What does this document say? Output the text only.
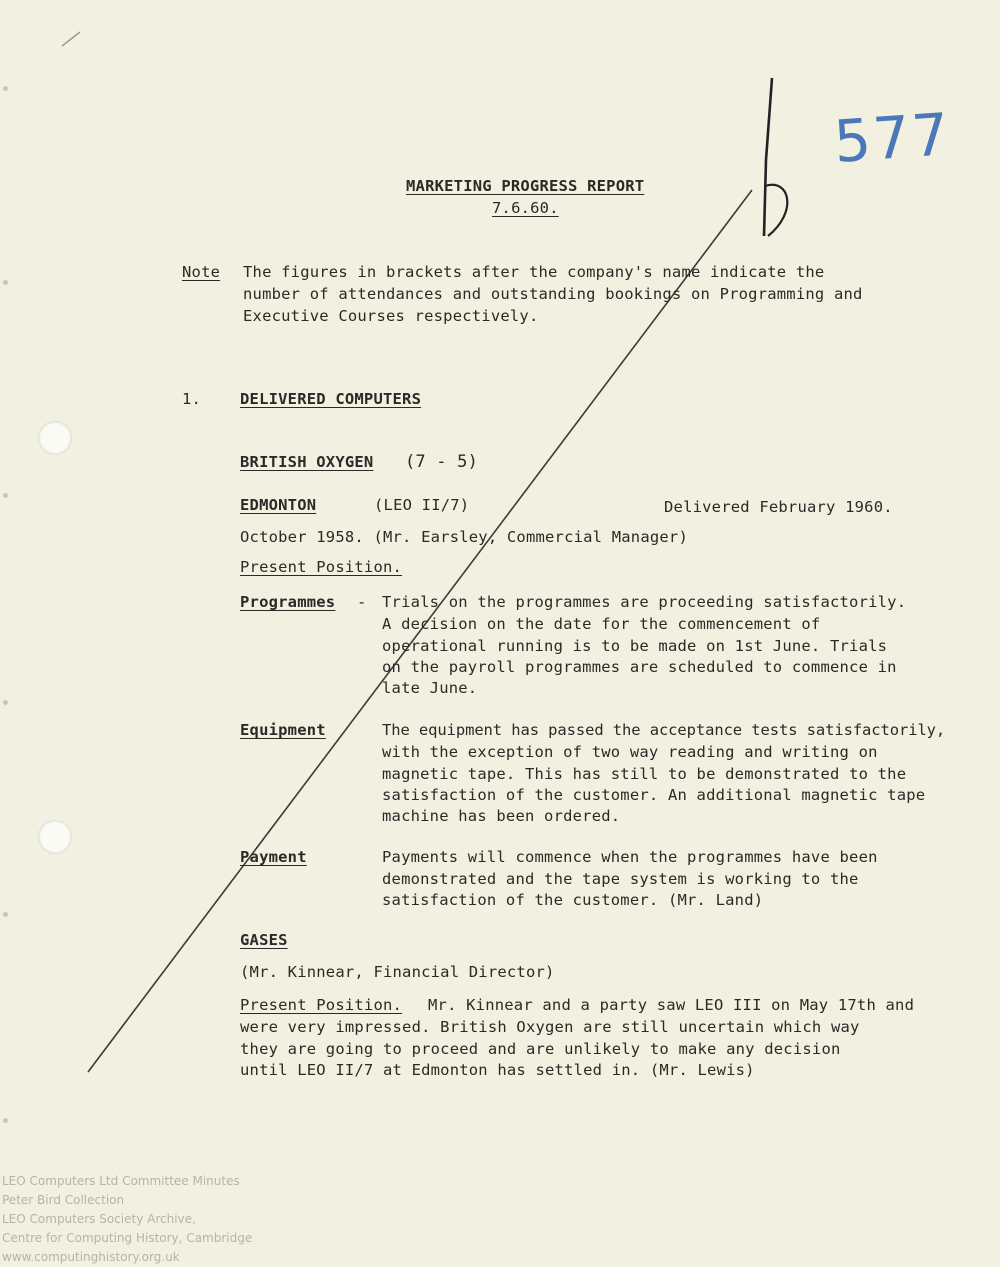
577
MARKETING PROGRESS REPORT
7.6.60.
Note The figures in brackets after the company's name indicate the
number of attendances and outstanding bookings on Programming and
Executive Courses respectively.
1.	DELIVERED COMPUTERS
BRITISH OXYGEN (7 - 5)
EDMONTON	(LEO II/7)	Delivered February 1960.
October 1958. (Mr. Earsley, Commercial Manager)
Present Position.
Programmes - Trials on the programmes are proceeding satisfactorily.
A decision on the date for the commencement of
operational running is to be made on 1st June. Trials
on the payroll programmes are scheduled to commence in
late June.
Equipment	The equipment has passed the acceptance tests satisfactorily,
with the exception of two way reading and writing on
magnetic tape. This has still to be demonstrated to the
satisfaction of the customer. An additional magnetic tape
machine has been ordered.
Payment	Payments will commence when the programmes have been
demonstrated and the tape system is working to the
satisfaction of the customer. (Mr. Land)
GASES
(Mr. Kinnear, Financial Director)
Present Position. Mr. Kinnear and a party saw LEO III on May 17th and
were very impressed. British Oxygen are still uncertain which way
they are going to proceed and are unlikely to make any decision
until LEO II/7 at Edmonton has settled in. (Mr. Lewis)
LEO Computers Ltd Committee Minutes
Peter Bird Collection
LEO Computers Society Archive,
Centre for Computing History, Cambridge
www.computinghistory.org.uk
